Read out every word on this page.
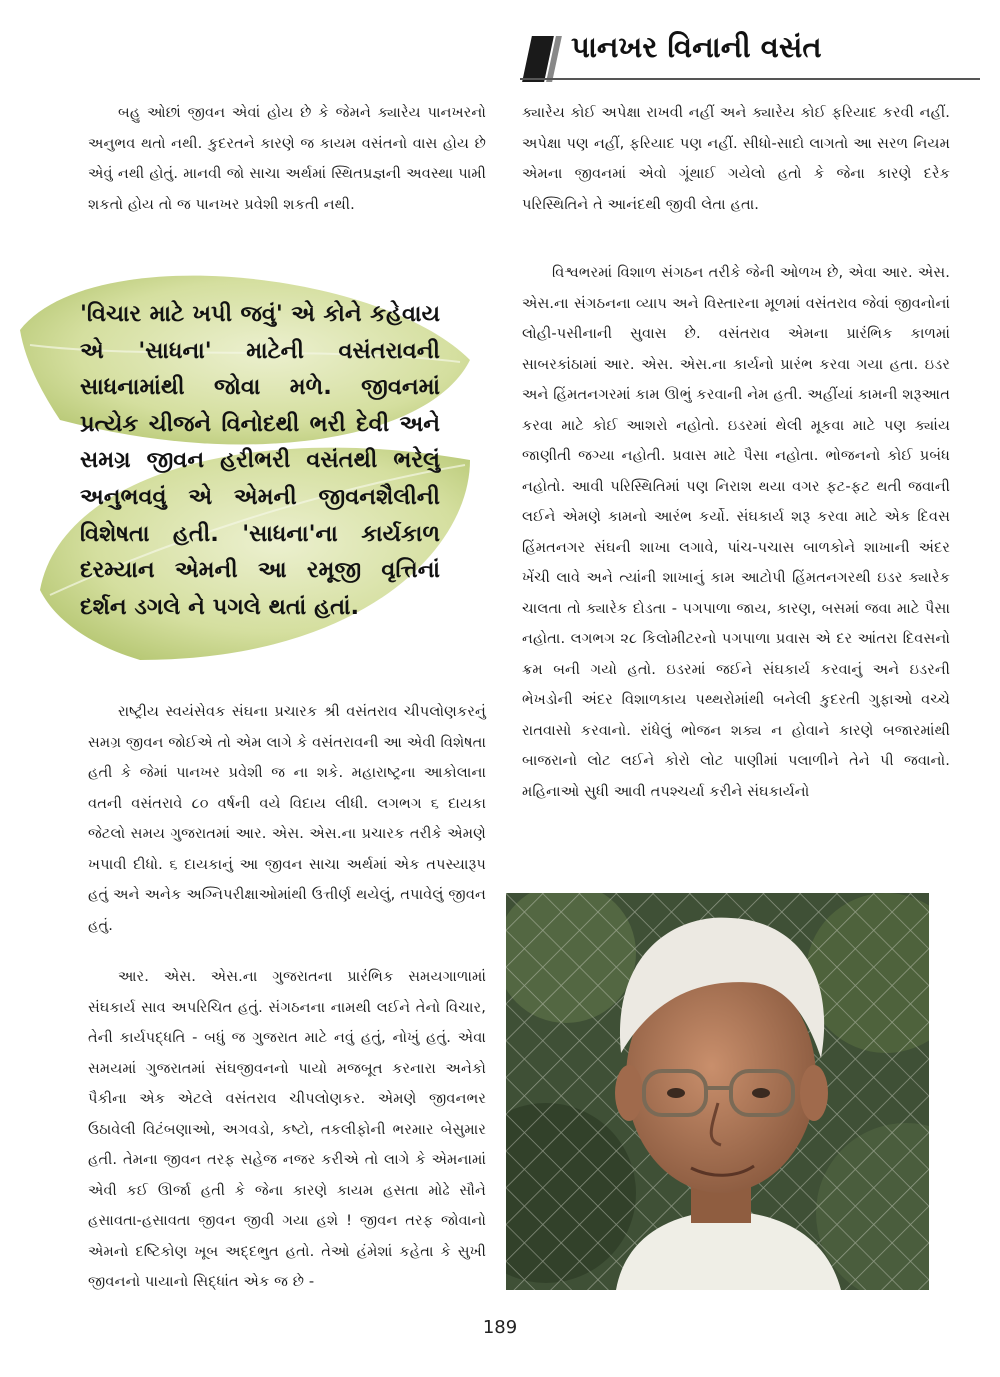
પાનખર વિનાની વસંત

બહુ ઓછાં જીવન એવાં હોય છે કે જેમને ક્યારેય પાનખરનો અનુભવ થતો નથી. કુદરતને કારણે જ કાયમ વસંતનો વાસ હોય છે એવું નથી હોતું. માનવી જો સાચા અર્થમાં સ્થિતપ્રજ્ઞની અવસ્થા પામી શકતો હોય તો જ પાનખર પ્રવેશી શકતી નથી.

'વિચાર માટે ખપી જવું' એ કોને કહેવાય એ 'સાધના' માટેની વસંતરાવની સાધનામાંથી જોવા મળે. જીવનમાં પ્રત્યેક ચીજને વિનોદથી ભરી દેવી અને સમગ્ર જીવન હરીભરી વસંતથી ભરેલું અનુભવવું એ એમની જીવનશૈલીની વિશેષતા હતી. 'સાધના'ના કાર્યકાળ દરમ્યાન એમની આ રમૂજી વૃત્તિનાં દર્શન ડગલે ને પગલે થતાં હતાં.

રાષ્ટ્રીય સ્વયંસેવક સંઘના પ્રચારક શ્રી વસંતરાવ ચીપલોણકરનું સમગ્ર જીવન જોઈએ તો એમ લાગે કે વસંતરાવની આ એવી વિશેષતા હતી કે જેમાં પાનખર પ્રવેશી જ ના શકે. મહારાષ્ટ્રના આકોલાના વતની વસંતરાવે ૮૦ વર્ષની વયે વિદાય લીધી. લગભગ ૬ દાયકા જેટલો સમય ગુજરાતમાં આર. એસ. એસ.ના પ્રચારક તરીકે એમણે ખપાવી દીધો. ૬ દાયકાનું આ જીવન સાચા અર્થમાં એક તપસ્યારૂપ હતું અને અનેક અગ્નિપરીક્ષાઓમાંથી ઉત્તીર્ણ થયેલું, તપાવેલું જીવન હતું.

આર. એસ. એસ.ના ગુજરાતના પ્રારંભિક સમયગાળામાં સંઘકાર્ય સાવ અપરિચિત હતું. સંગઠનના નામથી લઈને તેનો વિચાર, તેની કાર્યપદ્ધતિ - બધું જ ગુજરાત માટે નવું હતું, નોખું હતું. એવા સમયમાં ગુજરાતમાં સંઘજીવનનો પાયો મજબૂત કરનારા અનેકો પૈકીના એક એટલે વસંતરાવ ચીપલોણકર. એમણે જીવનભર ઉઠાવેલી વિટંબણાઓ, અગવડો, કષ્ટો, તકલીફોની ભરમાર બેસુમાર હતી. તેમના જીવન તરફ સહેજ નજર કરીએ તો લાગે કે એમનામાં એવી કઈ ઊર્જા હતી કે જેના કારણે કાયમ હસતા મોઢે સૌને હસાવતા-હસાવતા જીવન જીવી ગયા હશે ! જીવન તરફ જોવાનો એમનો દષ્ટિકોણ ખૂબ અદ્દભુત હતો. તેઓ હંમેશાં કહેતા કે સુખી જીવનનો પાયાનો સિદ્ધાંત એક જ છે -

ક્યારેય કોઈ અપેક્ષા રાખવી નહીં અને ક્યારેય કોઈ ફરિયાદ કરવી નહીં. અપેક્ષા પણ નહીં, ફરિયાદ પણ નહીં. સીધો-સાદો લાગતો આ સરળ નિયમ એમના જીવનમાં એવો ગૂંથાઈ ગયેલો હતો કે જેના કારણે દરેક પરિસ્થિતિને તે આનંદથી જીવી લેતા હતા.

વિશ્વભરમાં વિશાળ સંગઠન તરીકે જેની ઓળખ છે, એવા આર. એસ. એસ.ના સંગઠનના વ્યાપ અને વિસ્તારના મૂળમાં વસંતરાવ જેવાં જીવનોનાં લોહી-પસીનાની સુવાસ છે. વસંતરાવ એમના પ્રારંભિક કાળમાં સાબરકાંઠામાં આર. એસ. એસ.ના કાર્યનો પ્રારંભ કરવા ગયા હતા. ઇડર અને હિંમતનગરમાં કામ ઊભું કરવાની નેમ હતી. અહીંયાં કામની શરૂઆત કરવા માટે કોઈ આશરો નહોતો. ઇડરમાં થેલી મૂકવા માટે પણ ક્યાંય જાણીતી જગ્યા નહોતી. પ્રવાસ માટે પૈસા નહોતા. ભોજનનો કોઈ પ્રબંધ નહોતો. આવી પરિસ્થિતિમાં પણ નિરાશ થયા વગર ફટ-ફટ થતી જવાની લઈને એમણે કામનો આરંભ કર્યો. સંઘકાર્ય શરૂ કરવા માટે એક દિવસ હિંમતનગર સંઘની શાખા લગાવે, પાંચ-પચાસ બાળકોને શાખાની અંદર ખેંચી લાવે અને ત્યાંની શાખાનું કામ આટોપી હિંમતનગરથી ઇડર ક્યારેક ચાલતા તો ક્યારેક દોડતા - પગપાળા જાય, કારણ, બસમાં જવા માટે પૈસા નહોતા. લગભગ ૨૮ કિલોમીટરનો પગપાળા પ્રવાસ એ દર આંતરા દિવસનો ક્રમ બની ગયો હતો. ઇડરમાં જઈને સંઘકાર્ય કરવાનું અને ઇડરની ભેખડોની અંદર વિશાળકાય પથ્થરોમાંથી બનેલી કુદરતી ગુફાઓ વચ્ચે રાતવાસો કરવાનો. રાંધેલું ભોજન શક્ય ન હોવાને કારણે બજારમાંથી બાજરાનો લોટ લઈને કોરો લોટ પાણીમાં પલાળીને તેને પી જવાનો. મહિનાઓ સુધી આવી તપશ્ચર્યા કરીને સંઘકાર્યનો

189
